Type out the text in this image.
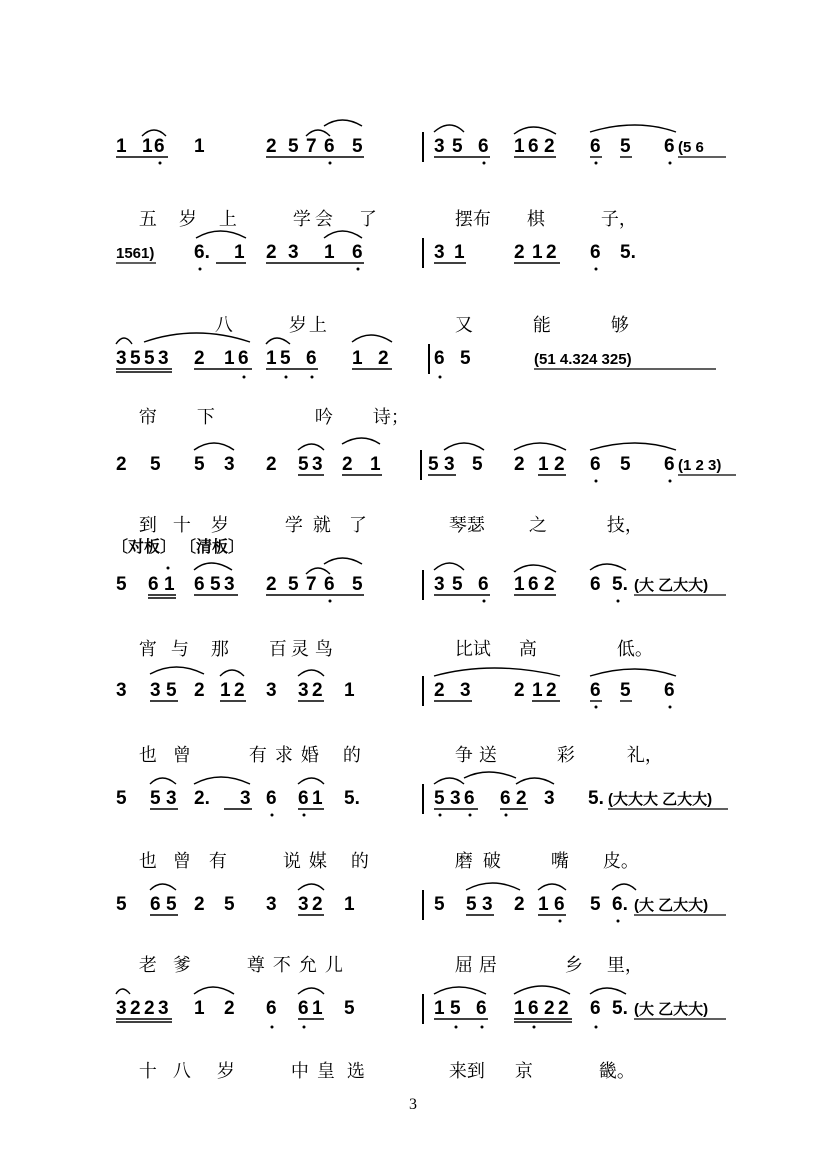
1 1 6 1	2 5 7 6 5	3 5 6 1 6 2 6 5 6 (5 6

五 岁 上	学 会 了
	摆布 棋	子，

1561) 6. 1 2 3 1 6	3 1	2 1 2 6 5.

八	岁 上
	又	能	够

3 5 5 3 2 1 6 1 5 6 1 2 6 5	(51 4.324 325)

帘 下	吟 诗；

2 5 5 3 2 5 3 2 1 5 3 5 2 1 2 6 5 6 (1 2 3)

到 十 岁	学 就 了
	琴瑟 之	技，

〔对板〕 〔清板〕
5 6 1 6 5 3 2 5 7 6 5	3 5 6 1 6 2 6 5. (大 乙大大)

宵 与 那 百 灵 鸟
	比试 高	低。

3 3 5 2 1 2 3 3 2 1	2 3 2 1 2 6 5 6

也 曾	有 求 婚 的
	争 送	彩	礼，

5 5 3 2. 3 6 6 1 5.	5 3 6 6 2 3 5. (大大大 乙大大)

也 曾 有	说 媒 的
	磨 破	嘴 皮。

5 6 5 2 5 3 3 2 1	5 5 3 2 1 6 5 6. (大 乙大大)

老 爹	尊 不 允 儿
	屈 居	乡 里，

3 2 2 3 1 2 6 6 1 5	1 5 6 1 6 2 2 6 5. (大 乙大大)

十 八 岁	中 皇 选
	来到 京	畿。

3
